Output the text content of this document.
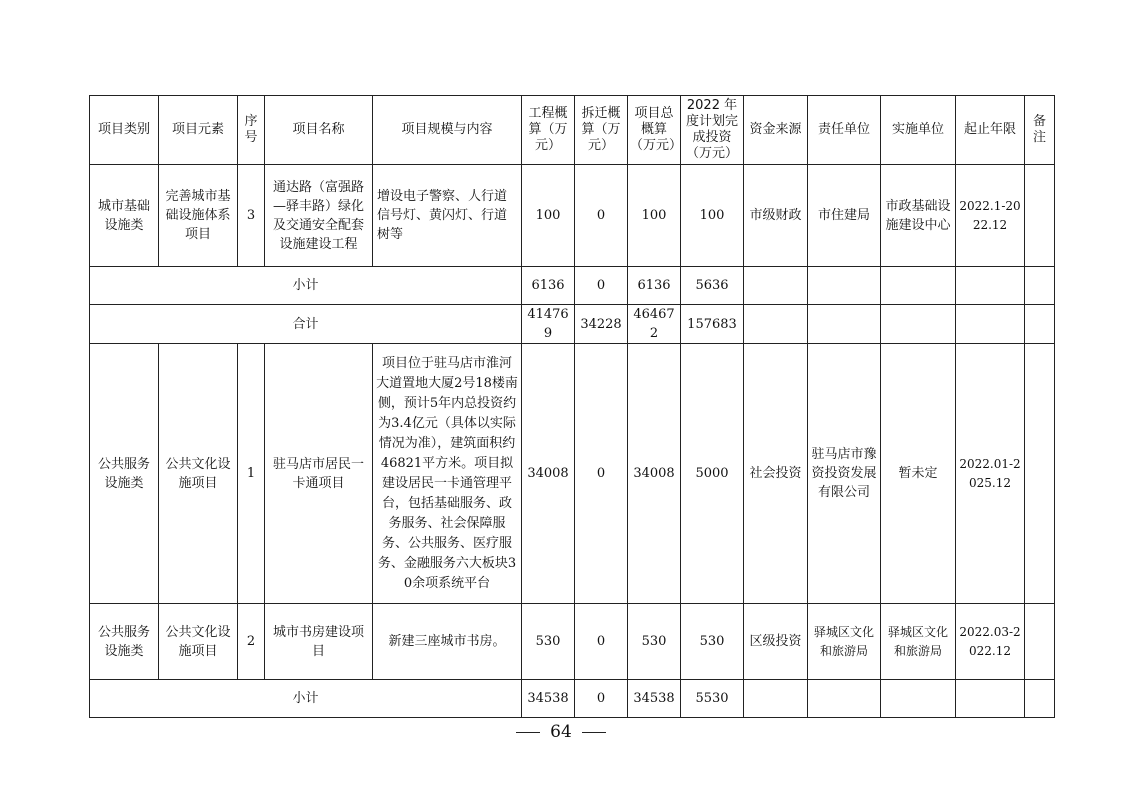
项目类别	项目元素	序号	项目名称	项目规模与内容	工程概算（万元）	拆迁概算（万元）	项目总概算（万元）	2022 年度计划完成投资（万元）	资金来源	责任单位	实施单位	起止年限	备注
城市基础设施类	完善城市基础设施体系项目	3	通达路（富强路—驿丰路）绿化及交通安全配套设施建设工程	增设电子警察、人行道信号灯、黄闪灯、行道树等	100	0	100	100	市级财政	市住建局	市政基础设施建设中心	2022.1-2022.12	
小计					6136	0	6136	5636					
合计					414769	34228	464672	157683					
公共服务设施类	公共文化设施项目	1	驻马店市居民一卡通项目	项目位于驻马店市淮河大道置地大厦2号18楼南侧，预计5年内总投资约为3.4亿元（具体以实际情况为准），建筑面积约46821平方米。项目拟建设居民一卡通管理平台，包括基础服务、政务服务、社会保障服务、公共服务、医疗服务、金融服务六大板块30余项系统平台	34008	0	34008	5000	社会投资	驻马店市豫资投资发展有限公司	暂未定	2022.01-2025.12	
公共服务设施类	公共文化设施项目	2	城市书房建设项目	新建三座城市书房。	530	0	530	530	区级投资	驿城区文化和旅游局	驿城区文化和旅游局	2022.03-2022.12	
小计					34538	0	34538	5530					
64
